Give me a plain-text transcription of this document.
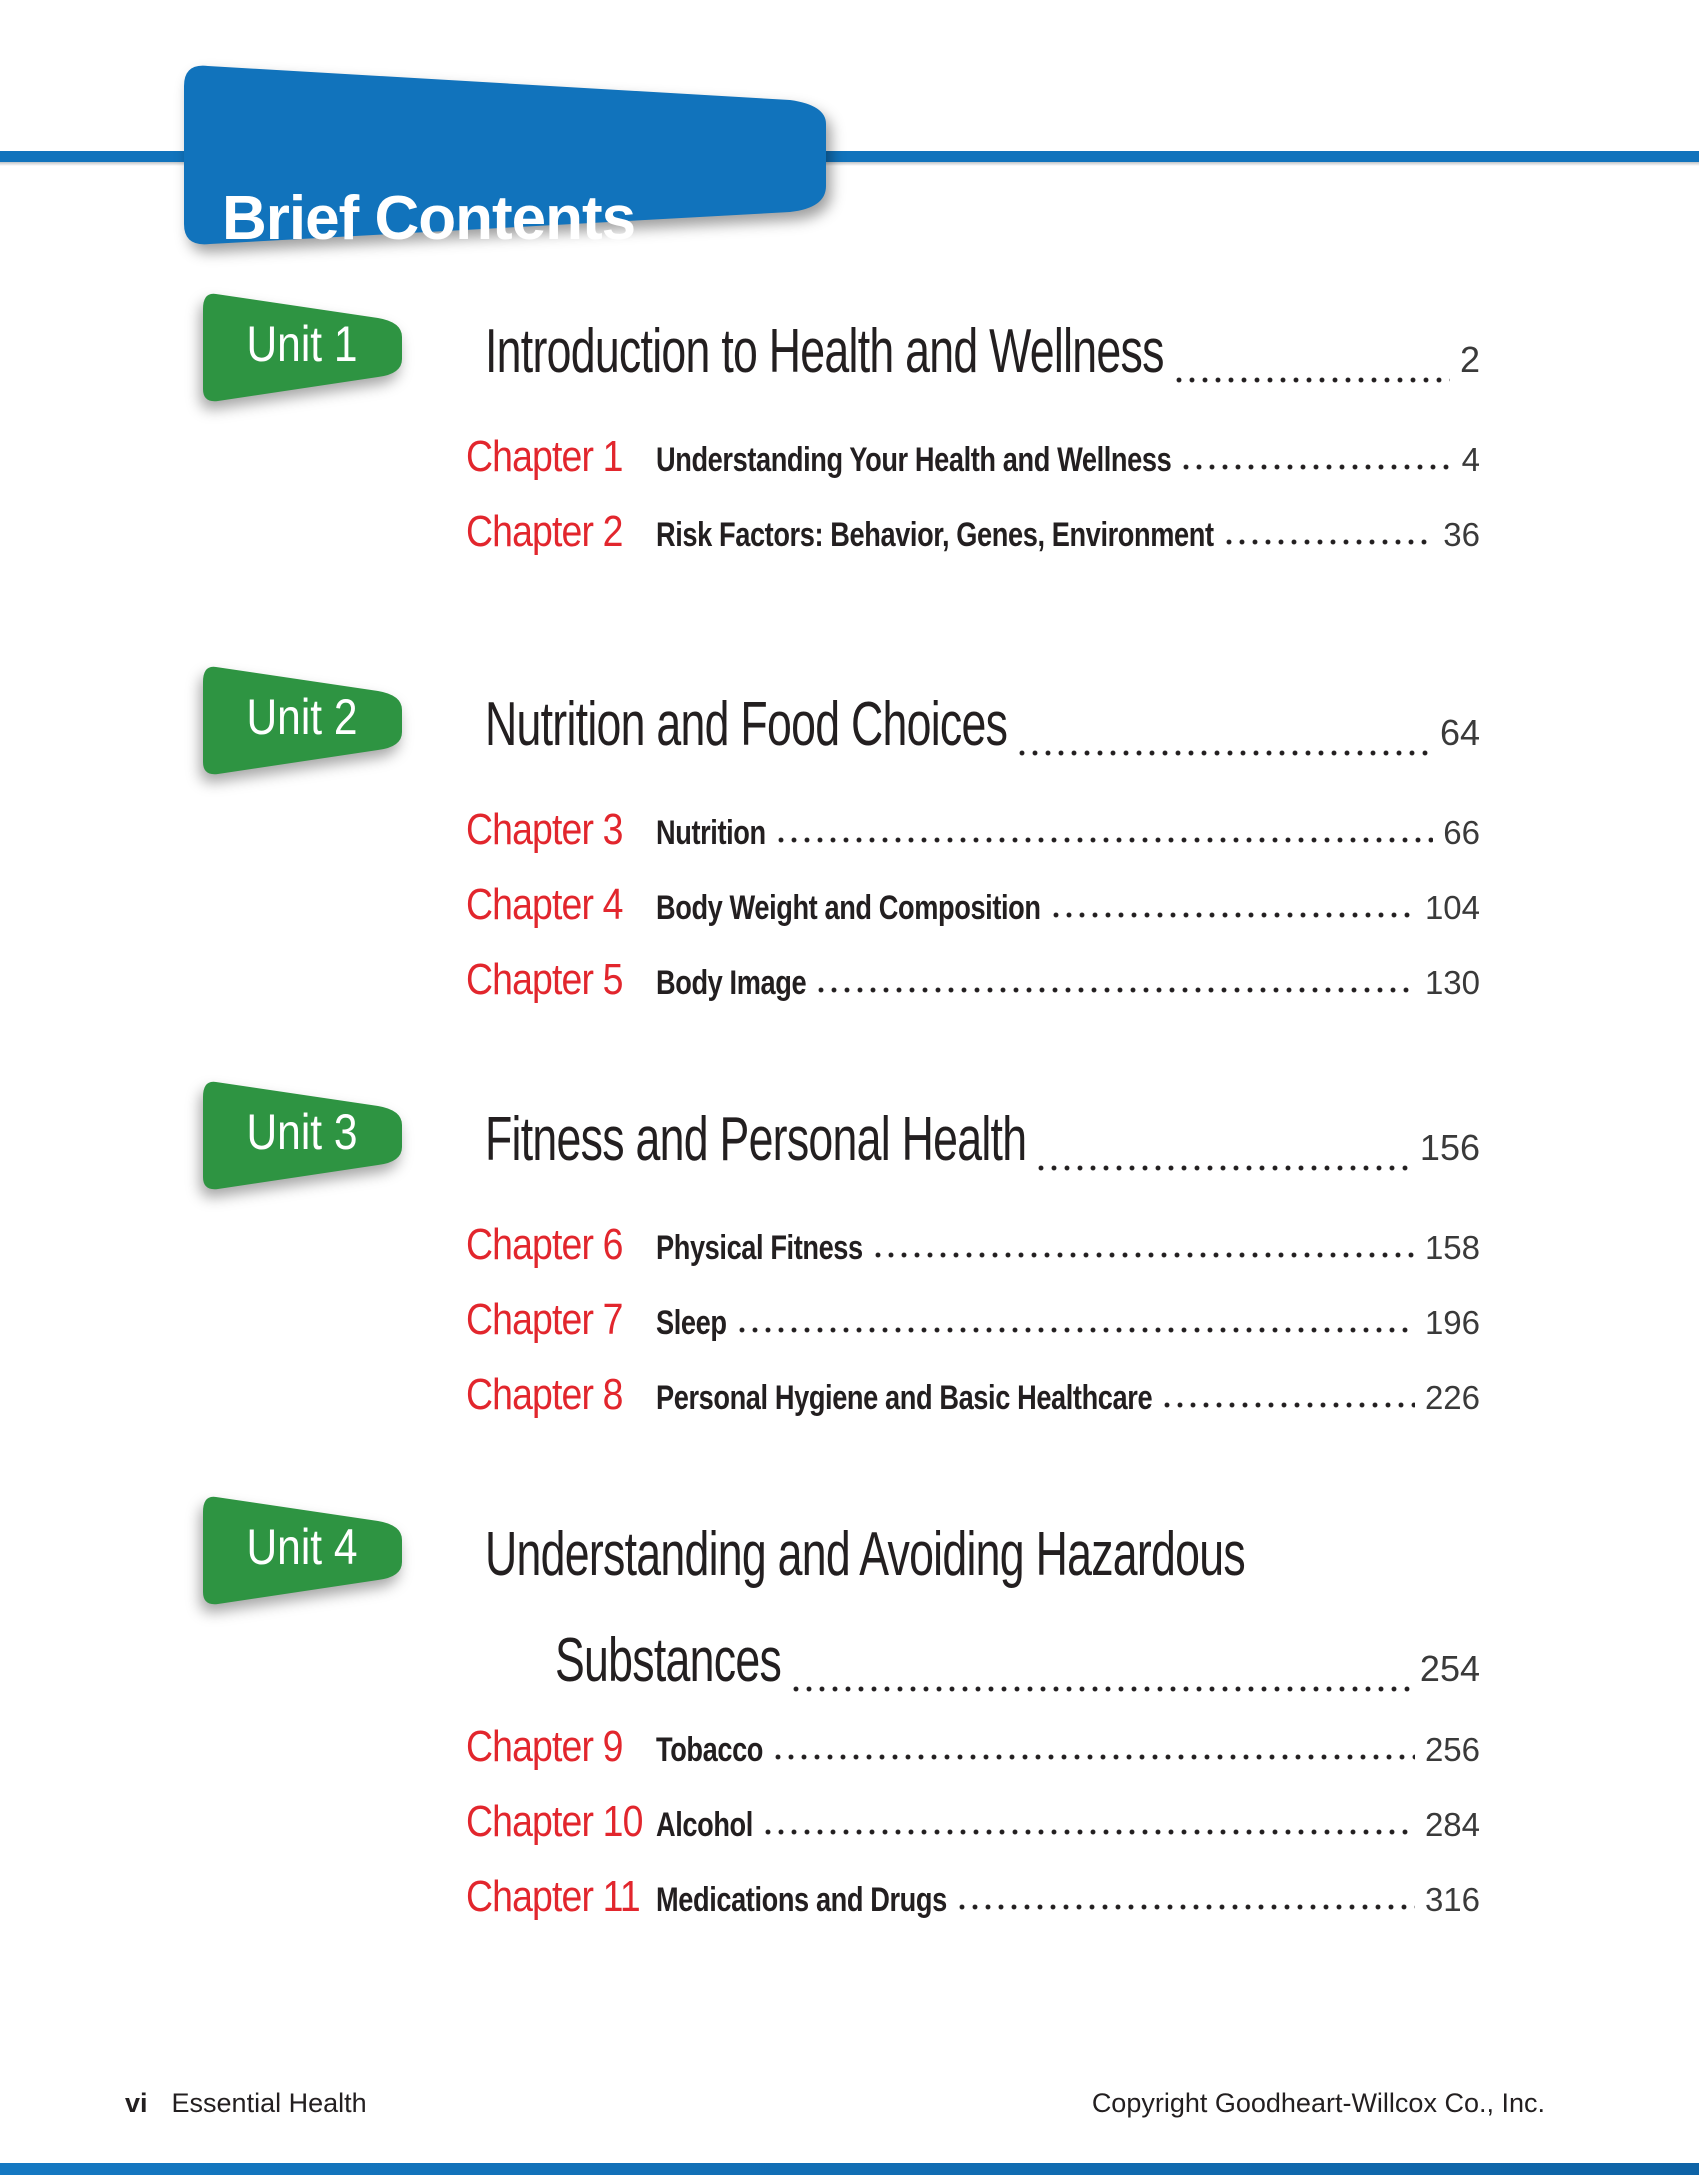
Brief Contents
Unit 1	Introduction to Health and Wellness	2
Chapter 1 Understanding Your Health and Wellness	4
Chapter 2 Risk Factors: Behavior, Genes, Environment	36
Unit 2	Nutrition and Food Choices	64
Chapter 3 Nutrition	66
Chapter 4 Body Weight and Composition	104
Chapter 5 Body Image	130
Unit 3	Fitness and Personal Health	156
Chapter 6 Physical Fitness	158
Chapter 7 Sleep	196
Chapter 8 Personal Hygiene and Basic Healthcare	226
Unit 4	Understanding and Avoiding Hazardous
Substances	254
Chapter 9 Tobacco	256
Chapter 10 Alcohol	284
Chapter 11 Medications and Drugs	316
vi Essential Health	Copyright Goodheart-Willcox Co., Inc.
